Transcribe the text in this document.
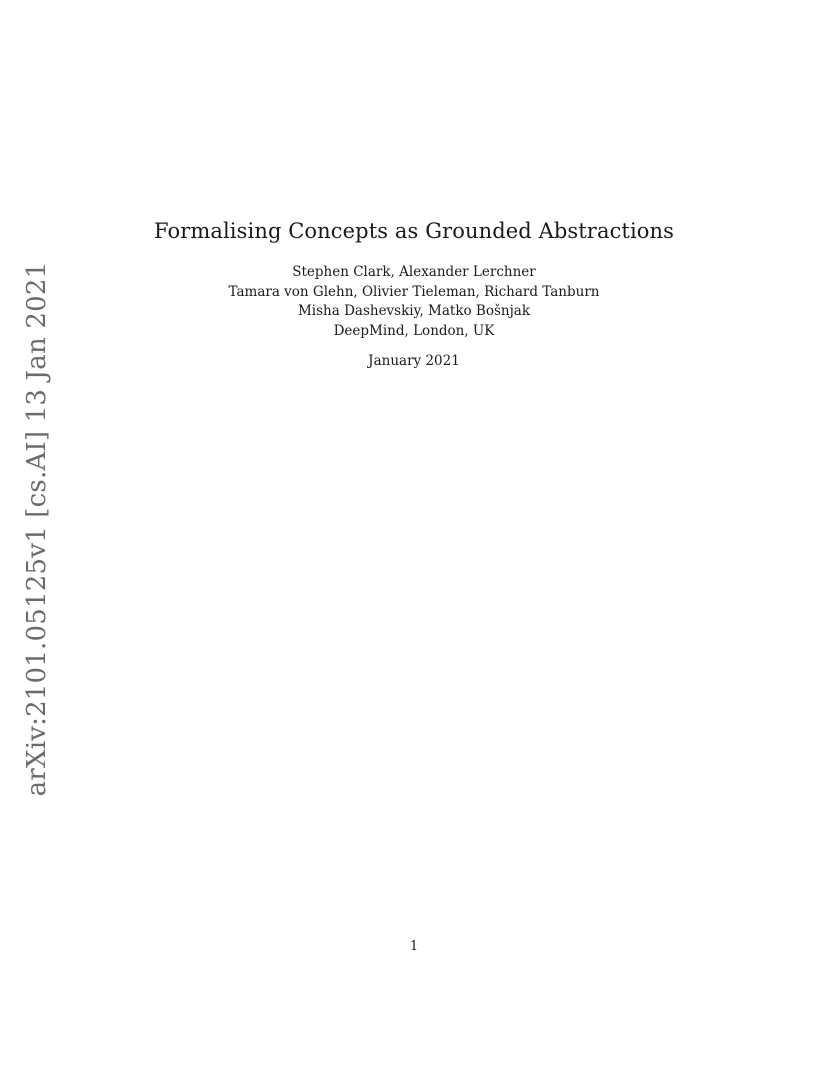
arXiv:2101.05125v1 [cs.AI] 13 Jan 2021
Formalising Concepts as Grounded Abstractions
Stephen Clark, Alexander Lerchner
Tamara von Glehn, Olivier Tieleman, Richard Tanburn
Misha Dashevskiy, Matko Bošnjak
DeepMind, London, UK
January 2021
1
